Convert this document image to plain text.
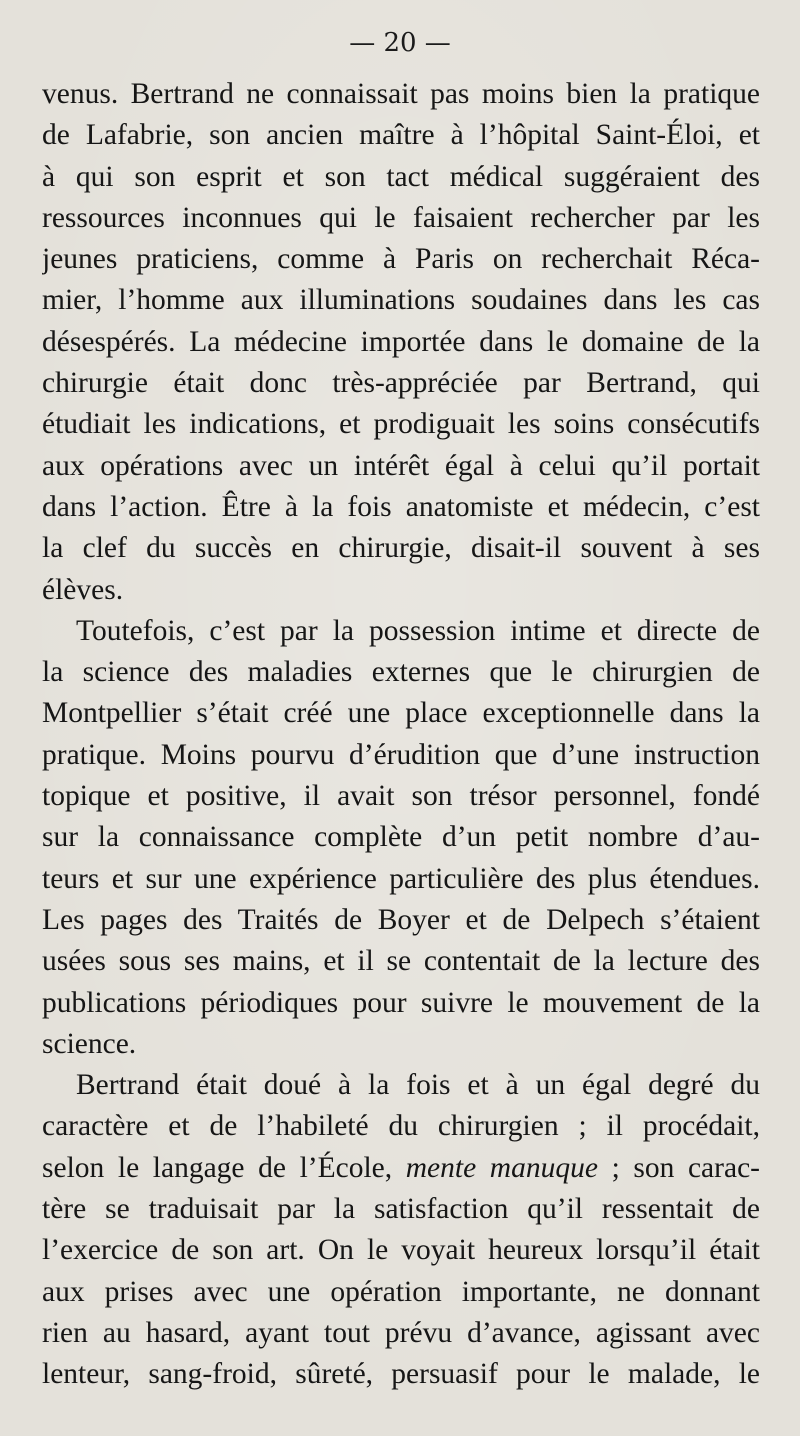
— 20 —
venus. Bertrand ne connaissait pas moins bien la pratique
de Lafabrie, son ancien maître à l’hôpital Saint-Éloi, et
à qui son esprit et son tact médical suggéraient des
ressources inconnues qui le faisaient rechercher par les
jeunes praticiens, comme à Paris on recherchait Réca-
mier, l’homme aux illuminations soudaines dans les cas
désespérés. La médecine importée dans le domaine de la
chirurgie était donc très-appréciée par Bertrand, qui
étudiait les indications, et prodiguait les soins consécutifs
aux opérations avec un intérêt égal à celui qu’il portait
dans l’action. Être à la fois anatomiste et médecin, c’est
la clef du succès en chirurgie, disait-il souvent à ses
élèves.
Toutefois, c’est par la possession intime et directe de
la science des maladies externes que le chirurgien de
Montpellier s’était créé une place exceptionnelle dans la
pratique. Moins pourvu d’érudition que d’une instruction
topique et positive, il avait son trésor personnel, fondé
sur la connaissance complète d’un petit nombre d’au-
teurs et sur une expérience particulière des plus étendues.
Les pages des Traités de Boyer et de Delpech s’étaient
usées sous ses mains, et il se contentait de la lecture des
publications périodiques pour suivre le mouvement de la
science.
Bertrand était doué à la fois et à un égal degré du
caractère et de l’habileté du chirurgien ; il procédait,
selon le langage de l’École, mente manuque ; son carac-
tère se traduisait par la satisfaction qu’il ressentait de
l’exercice de son art. On le voyait heureux lorsqu’il était
aux prises avec une opération importante, ne donnant
rien au hasard, ayant tout prévu d’avance, agissant avec
lenteur, sang-froid, sûreté, persuasif pour le malade, le
